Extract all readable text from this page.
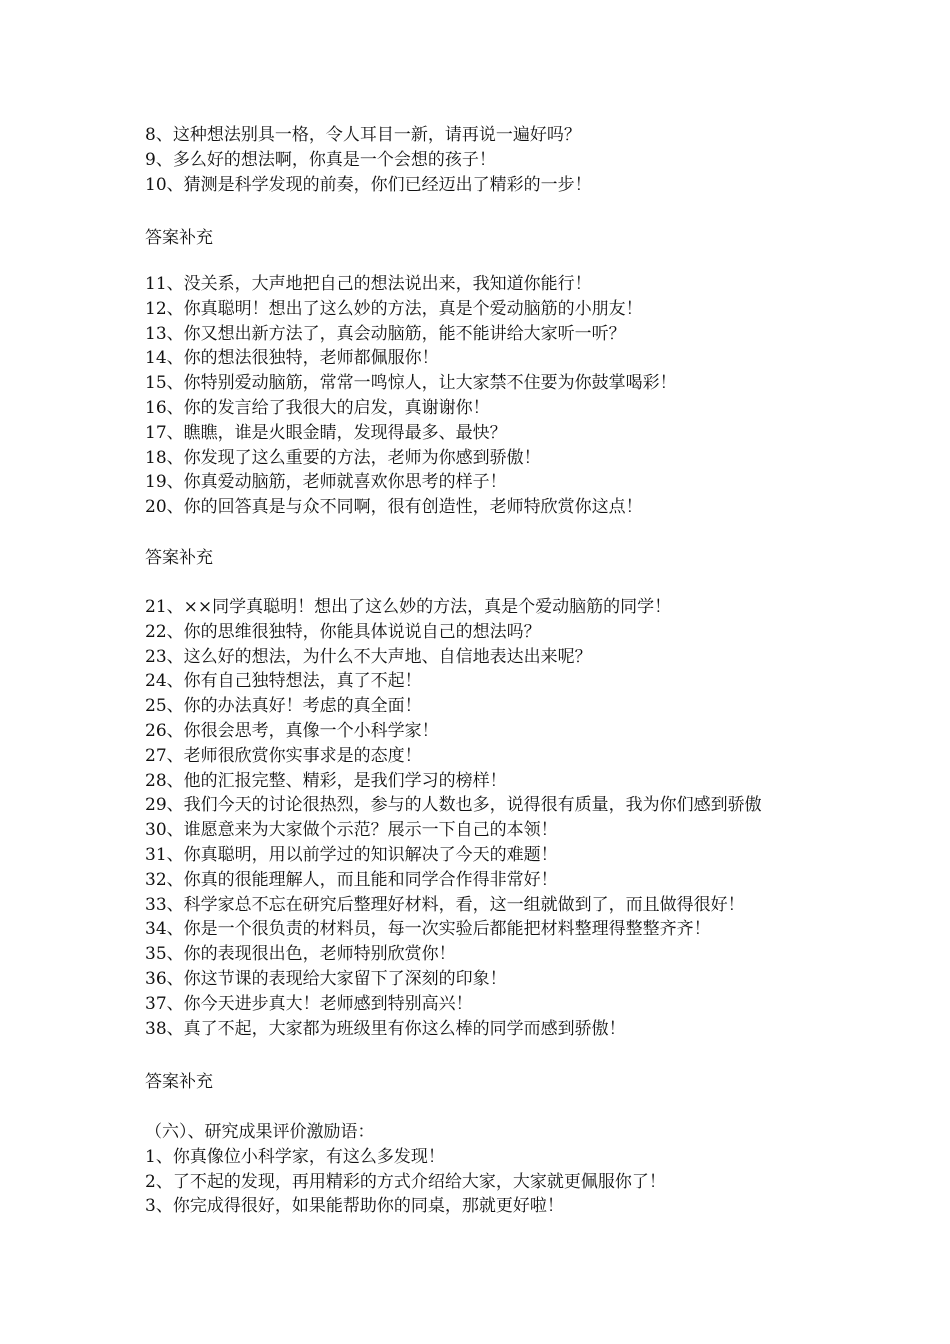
8、这种想法别具一格，令人耳目一新，请再说一遍好吗？
9、多么好的想法啊，你真是一个会想的孩子！
10、猜测是科学发现的前奏，你们已经迈出了精彩的一步！
答案补充
11、没关系，大声地把自己的想法说出来，我知道你能行！
12、你真聪明！想出了这么妙的方法，真是个爱动脑筋的小朋友！
13、你又想出新方法了，真会动脑筋，能不能讲给大家听一听？
14、你的想法很独特，老师都佩服你！
15、你特别爱动脑筋，常常一鸣惊人，让大家禁不住要为你鼓掌喝彩！
16、你的发言给了我很大的启发，真谢谢你！
17、瞧瞧，谁是火眼金睛，发现得最多、最快？
18、你发现了这么重要的方法，老师为你感到骄傲！
19、你真爱动脑筋，老师就喜欢你思考的样子！
20、你的回答真是与众不同啊，很有创造性，老师特欣赏你这点！
答案补充
21、××同学真聪明！想出了这么妙的方法，真是个爱动脑筋的同学！
22、你的思维很独特，你能具体说说自己的想法吗？
23、这么好的想法，为什么不大声地、自信地表达出来呢？
24、你有自己独特想法，真了不起！
25、你的办法真好！考虑的真全面！
26、你很会思考，真像一个小科学家！
27、老师很欣赏你实事求是的态度！
28、他的汇报完整、精彩，是我们学习的榜样！
29、我们今天的讨论很热烈，参与的人数也多，说得很有质量，我为你们感到骄傲
30、谁愿意来为大家做个示范？展示一下自己的本领！
31、你真聪明，用以前学过的知识解决了今天的难题！
32、你真的很能理解人，而且能和同学合作得非常好！
33、科学家总不忘在研究后整理好材料，看，这一组就做到了，而且做得很好！
34、你是一个很负责的材料员，每一次实验后都能把材料整理得整整齐齐！
35、你的表现很出色，老师特别欣赏你！
36、你这节课的表现给大家留下了深刻的印象！
37、你今天进步真大！老师感到特别高兴！
38、真了不起，大家都为班级里有你这么棒的同学而感到骄傲！
答案补充
（六）、研究成果评价激励语：
1、你真像位小科学家，有这么多发现！
2、了不起的发现，再用精彩的方式介绍给大家，大家就更佩服你了！
3、你完成得很好，如果能帮助你的同桌，那就更好啦！
